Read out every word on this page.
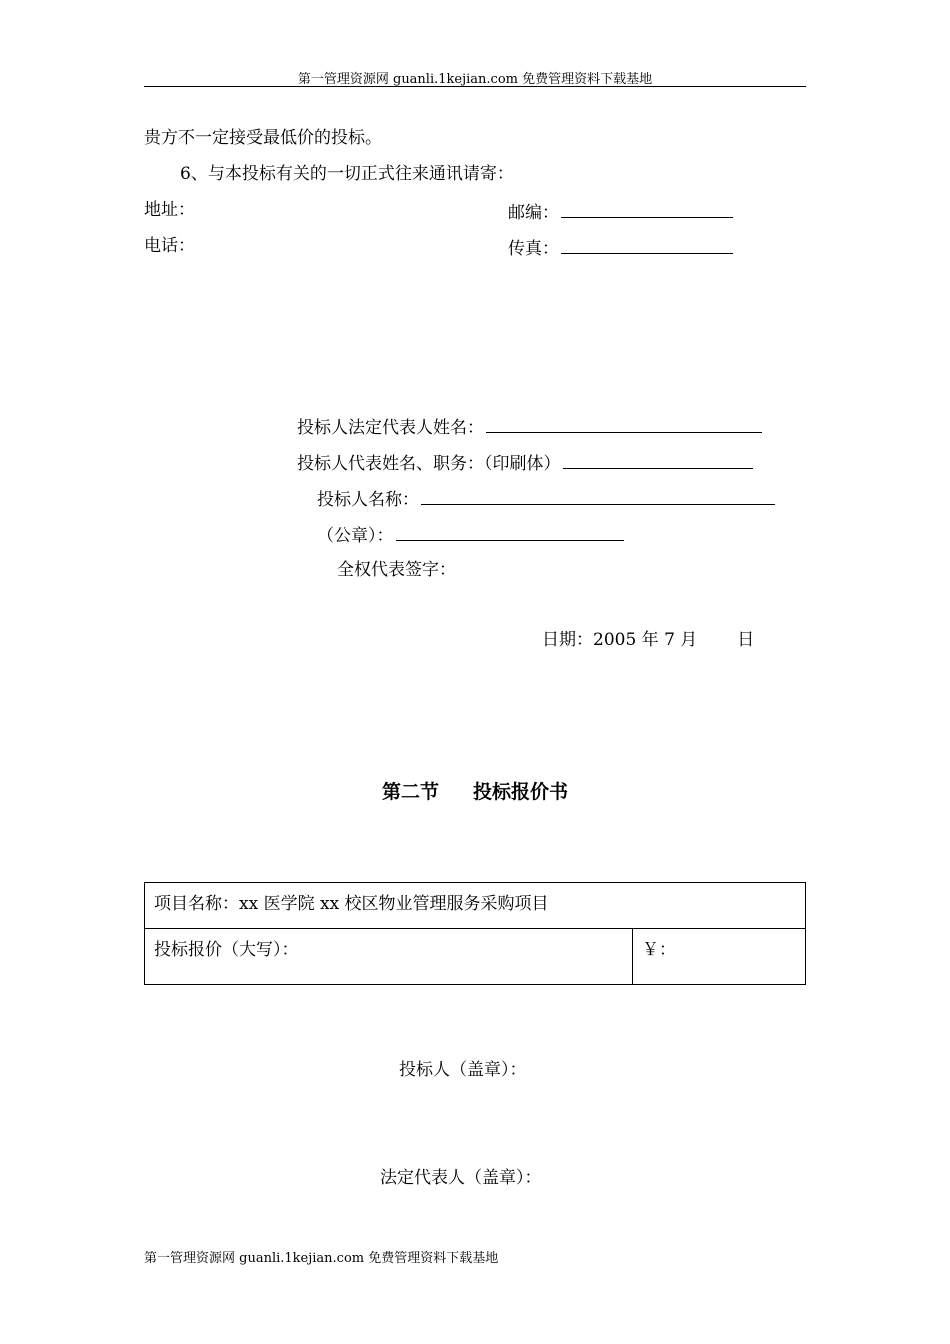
第一管理资源网 guanli.1kejian.com 免费管理资料下载基地
贵方不一定接受最低价的投标。
6、与本投标有关的一切正式往来通讯请寄：
地址：	邮编：
电话：	传真：
投标人法定代表人姓名：
投标人代表姓名、职务：（印刷体）
投标人名称：
（公章）：
全权代表签字：
日期：2005 年 7 月 日
第二节 投标报价书
项目名称：xx 医学院 xx 校区物业管理服务采购项目
投标报价（大写）：	￥：
投标人（盖章）：
法定代表人（盖章）：
第一管理资源网 guanli.1kejian.com 免费管理资料下载基地
